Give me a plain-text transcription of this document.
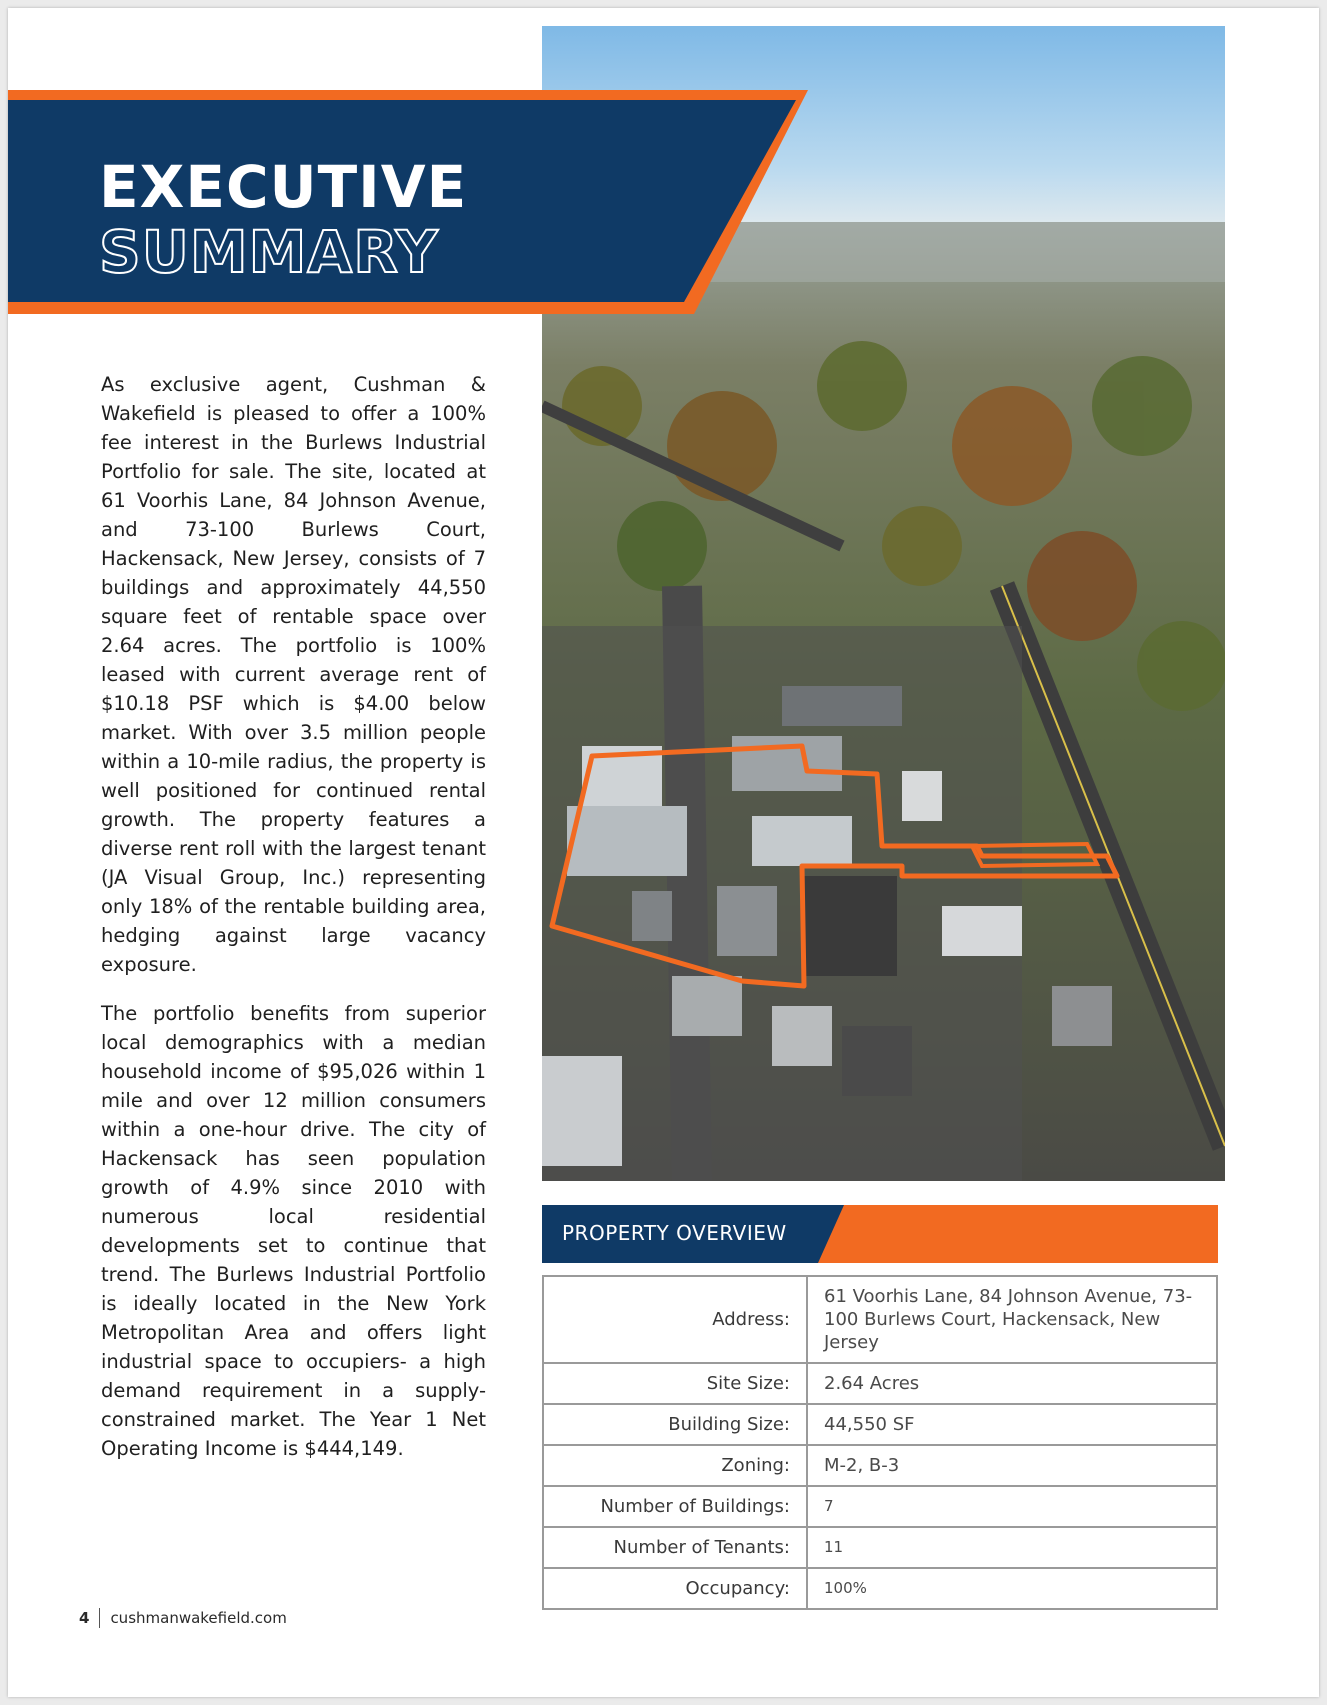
EXECUTIVE
SUMMARY

As exclusive agent, Cushman & Wakefield is pleased to offer a 100% fee interest in the Burlews Industrial Portfolio for sale. The site, located at 61 Voorhis Lane, 84 Johnson Avenue, and 73-100 Burlews Court, Hackensack, New Jersey, consists of 7 buildings and approximately 44,550 square feet of rentable space over 2.64 acres. The portfolio is 100% leased with current average rent of $10.18 PSF which is $4.00 below market. With over 3.5 million people within a 10-mile radius, the property is well positioned for continued rental growth. The property features a diverse rent roll with the largest tenant (JA Visual Group, Inc.) representing only 18% of the rentable building area, hedging against large vacancy exposure.

The portfolio benefits from superior local demographics with a median household income of $95,026 within 1 mile and over 12 million consumers within a one-hour drive. The city of Hackensack has seen population growth of 4.9% since 2010 with numerous local residential developments set to continue that trend. The Burlews Industrial Portfolio is ideally located in the New York Metropolitan Area and offers light industrial space to occupiers- a high demand requirement in a supply-constrained market. The Year 1 Net Operating Income is $444,149.

PROPERTY OVERVIEW
Address:	61 Voorhis Lane, 84 Johnson Avenue, 73-100 Burlews Court, Hackensack, New Jersey
Site Size:	2.64 Acres
Building Size:	44,550 SF
Zoning:	M-2, B-3
Number of Buildings:	7
Number of Tenants:	11
Occupancy:	100%
4 cushmanwakefield.com
